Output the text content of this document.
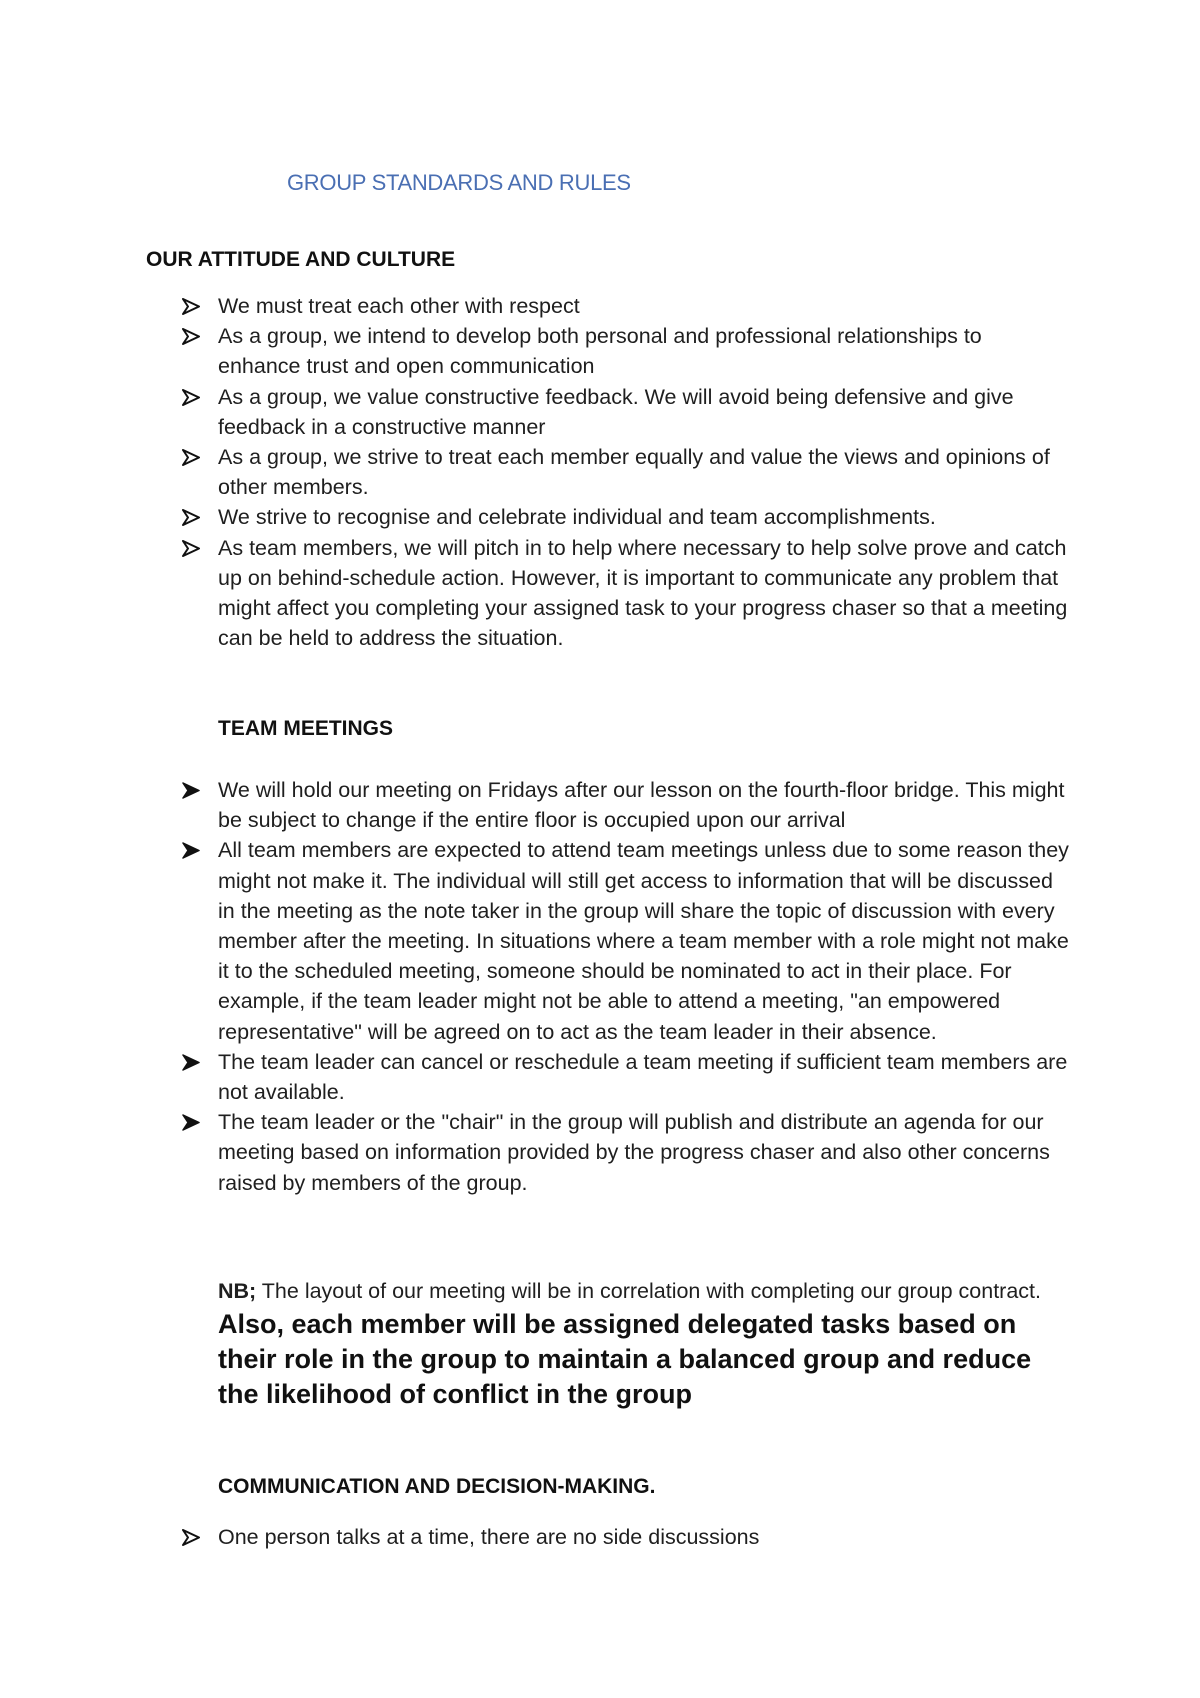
GROUP STANDARDS AND RULES
OUR ATTITUDE AND CULTURE
We must treat each other with respect
As a group, we intend to develop both personal and professional relationships to enhance trust and open communication
As a group, we value constructive feedback. We will avoid being defensive and give feedback in a constructive manner
As a group, we strive to treat each member equally and value the views and opinions of other members.
We strive to recognise and celebrate individual and team accomplishments.
As team members, we will pitch in to help where necessary to help solve prove and catch up on behind-schedule action. However, it is important to communicate any problem that might affect you completing your assigned task to your progress chaser so that a meeting can be held to address the situation.
TEAM MEETINGS
We will hold our meeting on Fridays after our lesson on the fourth-floor bridge. This might be subject to change if the entire floor is occupied upon our arrival
All team members are expected to attend team meetings unless due to some reason they might not make it. The individual will still get access to information that will be discussed in the meeting as the note taker in the group will share the topic of discussion with every member after the meeting. In situations where a team member with a role might not make it to the scheduled meeting, someone should be nominated to act in their place. For example, if the team leader might not be able to attend a meeting, "an empowered representative" will be agreed on to act as the team leader in their absence.
The team leader can cancel or reschedule a team meeting if sufficient team members are not available.
The team leader or the "chair" in the group will publish and distribute an agenda for our meeting based on information provided by the progress chaser and also other concerns raised by members of the group.
NB; The layout of our meeting will be in correlation with completing our group contract. Also, each member will be assigned delegated tasks based on their role in the group to maintain a balanced group and reduce the likelihood of conflict in the group
COMMUNICATION AND DECISION-MAKING.
One person talks at a time, there are no side discussions
